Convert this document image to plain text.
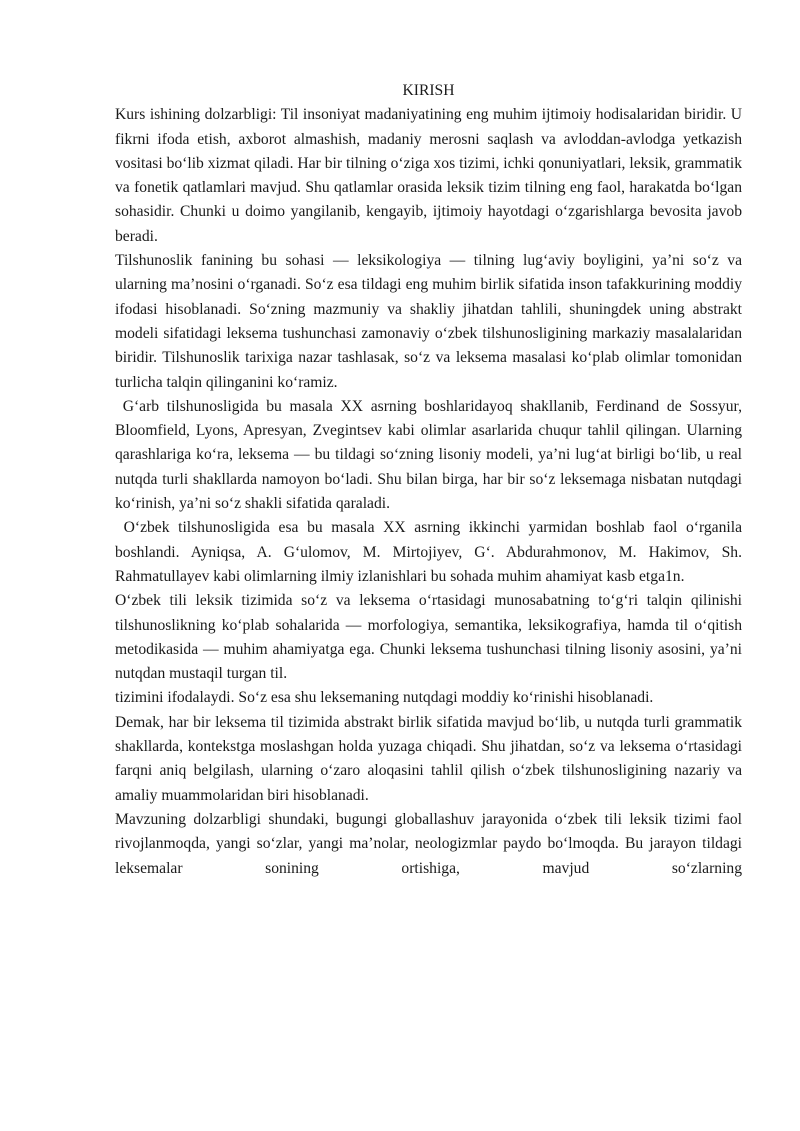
KIRISH

Kurs ishining dolzarbligi: Til insoniyat madaniyatining eng muhim ijtimoiy hodisalaridan biridir. U fikrni ifoda etish, axborot almashish, madaniy merosni saqlash va avloddan-avlodga yetkazish vositasi bo‘lib xizmat qiladi. Har bir tilning o‘ziga xos tizimi, ichki qonuniyatlari, leksik, grammatik va fonetik qatlamlari mavjud. Shu qatlamlar orasida leksik tizim tilning eng faol, harakatda bo‘lgan sohasidir. Chunki u doimo yangilanib, kengayib, ijtimoiy hayotdagi o‘zgarishlarga bevosita javob beradi.

Tilshunoslik fanining bu sohasi — leksikologiya — tilning lug‘aviy boyligini, ya’ni so‘z va ularning ma’nosini o‘rganadi. So‘z esa tildagi eng muhim birlik sifatida inson tafakkurining moddiy ifodasi hisoblanadi. So‘zning mazmuniy va shakliy jihatdan tahlili, shuningdek uning abstrakt modeli sifatidagi leksema tushunchasi zamonaviy o‘zbek tilshunosligining markaziy masalalaridan biridir. Tilshunoslik tarixiga nazar tashlasak, so‘z va leksema masalasi ko‘plab olimlar tomonidan turlicha talqin qilinganini ko‘ramiz.

G‘arb tilshunosligida bu masala XX asrning boshlaridayoq shakllanib, Ferdinand de Sossyur, Bloomfield, Lyons, Apresyan, Zvegintsev kabi olimlar asarlarida chuqur tahlil qilingan. Ularning qarashlariga ko‘ra, leksema — bu tildagi so‘zning lisoniy modeli, ya’ni lug‘at birligi bo‘lib, u real nutqda turli shakllarda namoyon bo‘ladi. Shu bilan birga, har bir so‘z leksemaga nisbatan nutqdagi ko‘rinish, ya’ni so‘z shakli sifatida qaraladi.

O‘zbek tilshunosligida esa bu masala XX asrning ikkinchi yarmidan boshlab faol o‘rganila boshlandi. Ayniqsa, A. G‘ulomov, M. Mirtojiyev, G‘. Abdurahmonov, M. Hakimov, Sh. Rahmatullayev kabi olimlarning ilmiy izlanishlari bu sohada muhim ahamiyat kasb etga1n.

O‘zbek tili leksik tizimida so‘z va leksema o‘rtasidagi munosabatning to‘g‘ri talqin qilinishi tilshunoslikning ko‘plab sohalarida — morfologiya, semantika, leksikografiya, hamda til o‘qitish metodikasida — muhim ahamiyatga ega. Chunki leksema tushunchasi tilning lisoniy asosini, ya’ni nutqdan mustaqil turgan til.

tizimini ifodalaydi. So‘z esa shu leksemaning nutqdagi moddiy ko‘rinishi hisoblanadi.

Demak, har bir leksema til tizimida abstrakt birlik sifatida mavjud bo‘lib, u nutqda turli grammatik shakllarda, kontekstga moslashgan holda yuzaga chiqadi. Shu jihatdan, so‘z va leksema o‘rtasidagi farqni aniq belgilash, ularning o‘zaro aloqasini tahlil qilish o‘zbek tilshunosligining nazariy va amaliy muammolaridan biri hisoblanadi.

Mavzuning dolzarbligi shundaki, bugungi globallashuv jarayonida o‘zbek tili leksik tizimi faol rivojlanmoqda, yangi so‘zlar, yangi ma’nolar, neologizmlar paydo bo‘lmoqda. Bu jarayon tildagi leksemalar sonining ortishiga, mavjud so‘zlarning
